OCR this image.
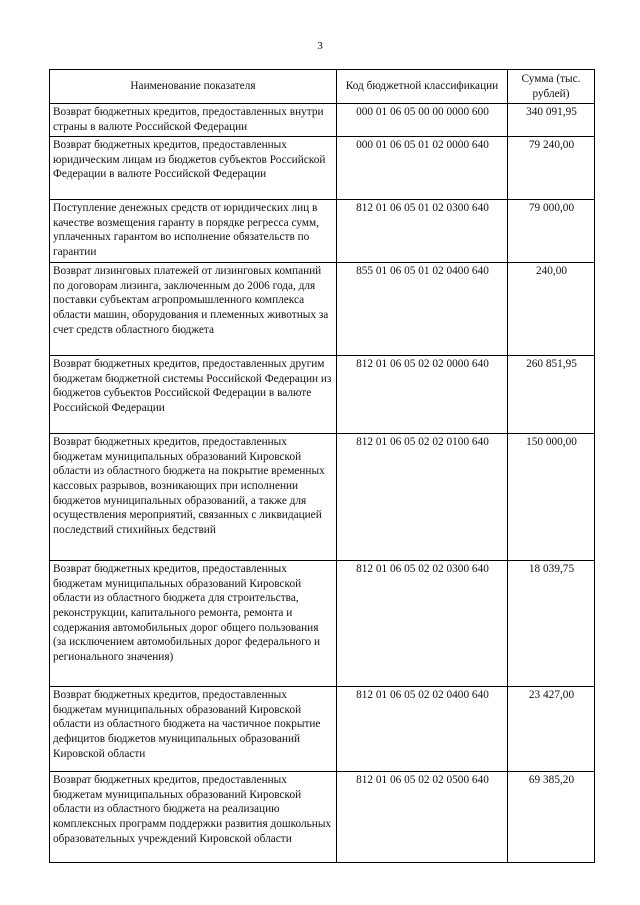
3
Наименование показателя	Код бюджетной классификации	Сумма (тыс. рублей)
Возврат бюджетных кредитов, предоставленных внутри страны в валюте Российской Федерации	000 01 06 05 00 00 0000 600	340 091,95
Возврат бюджетных кредитов, предоставленных юридическим лицам из бюджетов субъектов Российской Федерации в валюте Российской Федерации	000 01 06 05 01 02 0000 640	79 240,00
Поступление денежных средств от юридических лиц в качестве возмещения гаранту в порядке регресса сумм, уплаченных гарантом во исполнение обязательств по гарантии	812 01 06 05 01 02 0300 640	79 000,00
Возврат лизинговых платежей от лизинговых компаний по договорам лизинга, заключенным до 2006 года, для поставки субъектам агропромышленного комплекса области машин, оборудования и племенных животных за счет средств областного бюджета	855 01 06 05 01 02 0400 640	240,00
Возврат бюджетных кредитов, предоставленных другим бюджетам бюджетной системы Российской Федерации из бюджетов субъектов Российской Федерации в валюте Российской Федерации	812 01 06 05 02 02 0000 640	260 851,95
Возврат бюджетных кредитов, предоставленных бюджетам муниципальных образований Кировской области из областного бюджета на покрытие временных кассовых разрывов, возникающих при исполнении бюджетов муниципальных образований, а также для осуществления мероприятий, связанных с ликвидацией последствий стихийных бедствий	812 01 06 05 02 02 0100 640	150 000,00
Возврат бюджетных кредитов, предоставленных бюджетам муниципальных образований Кировской области из областного бюджета для строительства, реконструкции, капитального ремонта, ремонта и содержания автомобильных дорог общего пользования (за исключением автомобильных дорог федерального и регионального значения)	812 01 06 05 02 02 0300 640	18 039,75
Возврат бюджетных кредитов, предоставленных бюджетам муниципальных образований Кировской области из областного бюджета на частичное покрытие дефицитов бюджетов муниципальных образований Кировской области	812 01 06 05 02 02 0400 640	23 427,00
Возврат бюджетных кредитов, предоставленных бюджетам муниципальных образований Кировской области из областного бюджета на реализацию комплексных программ поддержки развития дошкольных образовательных учреждений Кировской области	812 01 06 05 02 02 0500 640	69 385,20
